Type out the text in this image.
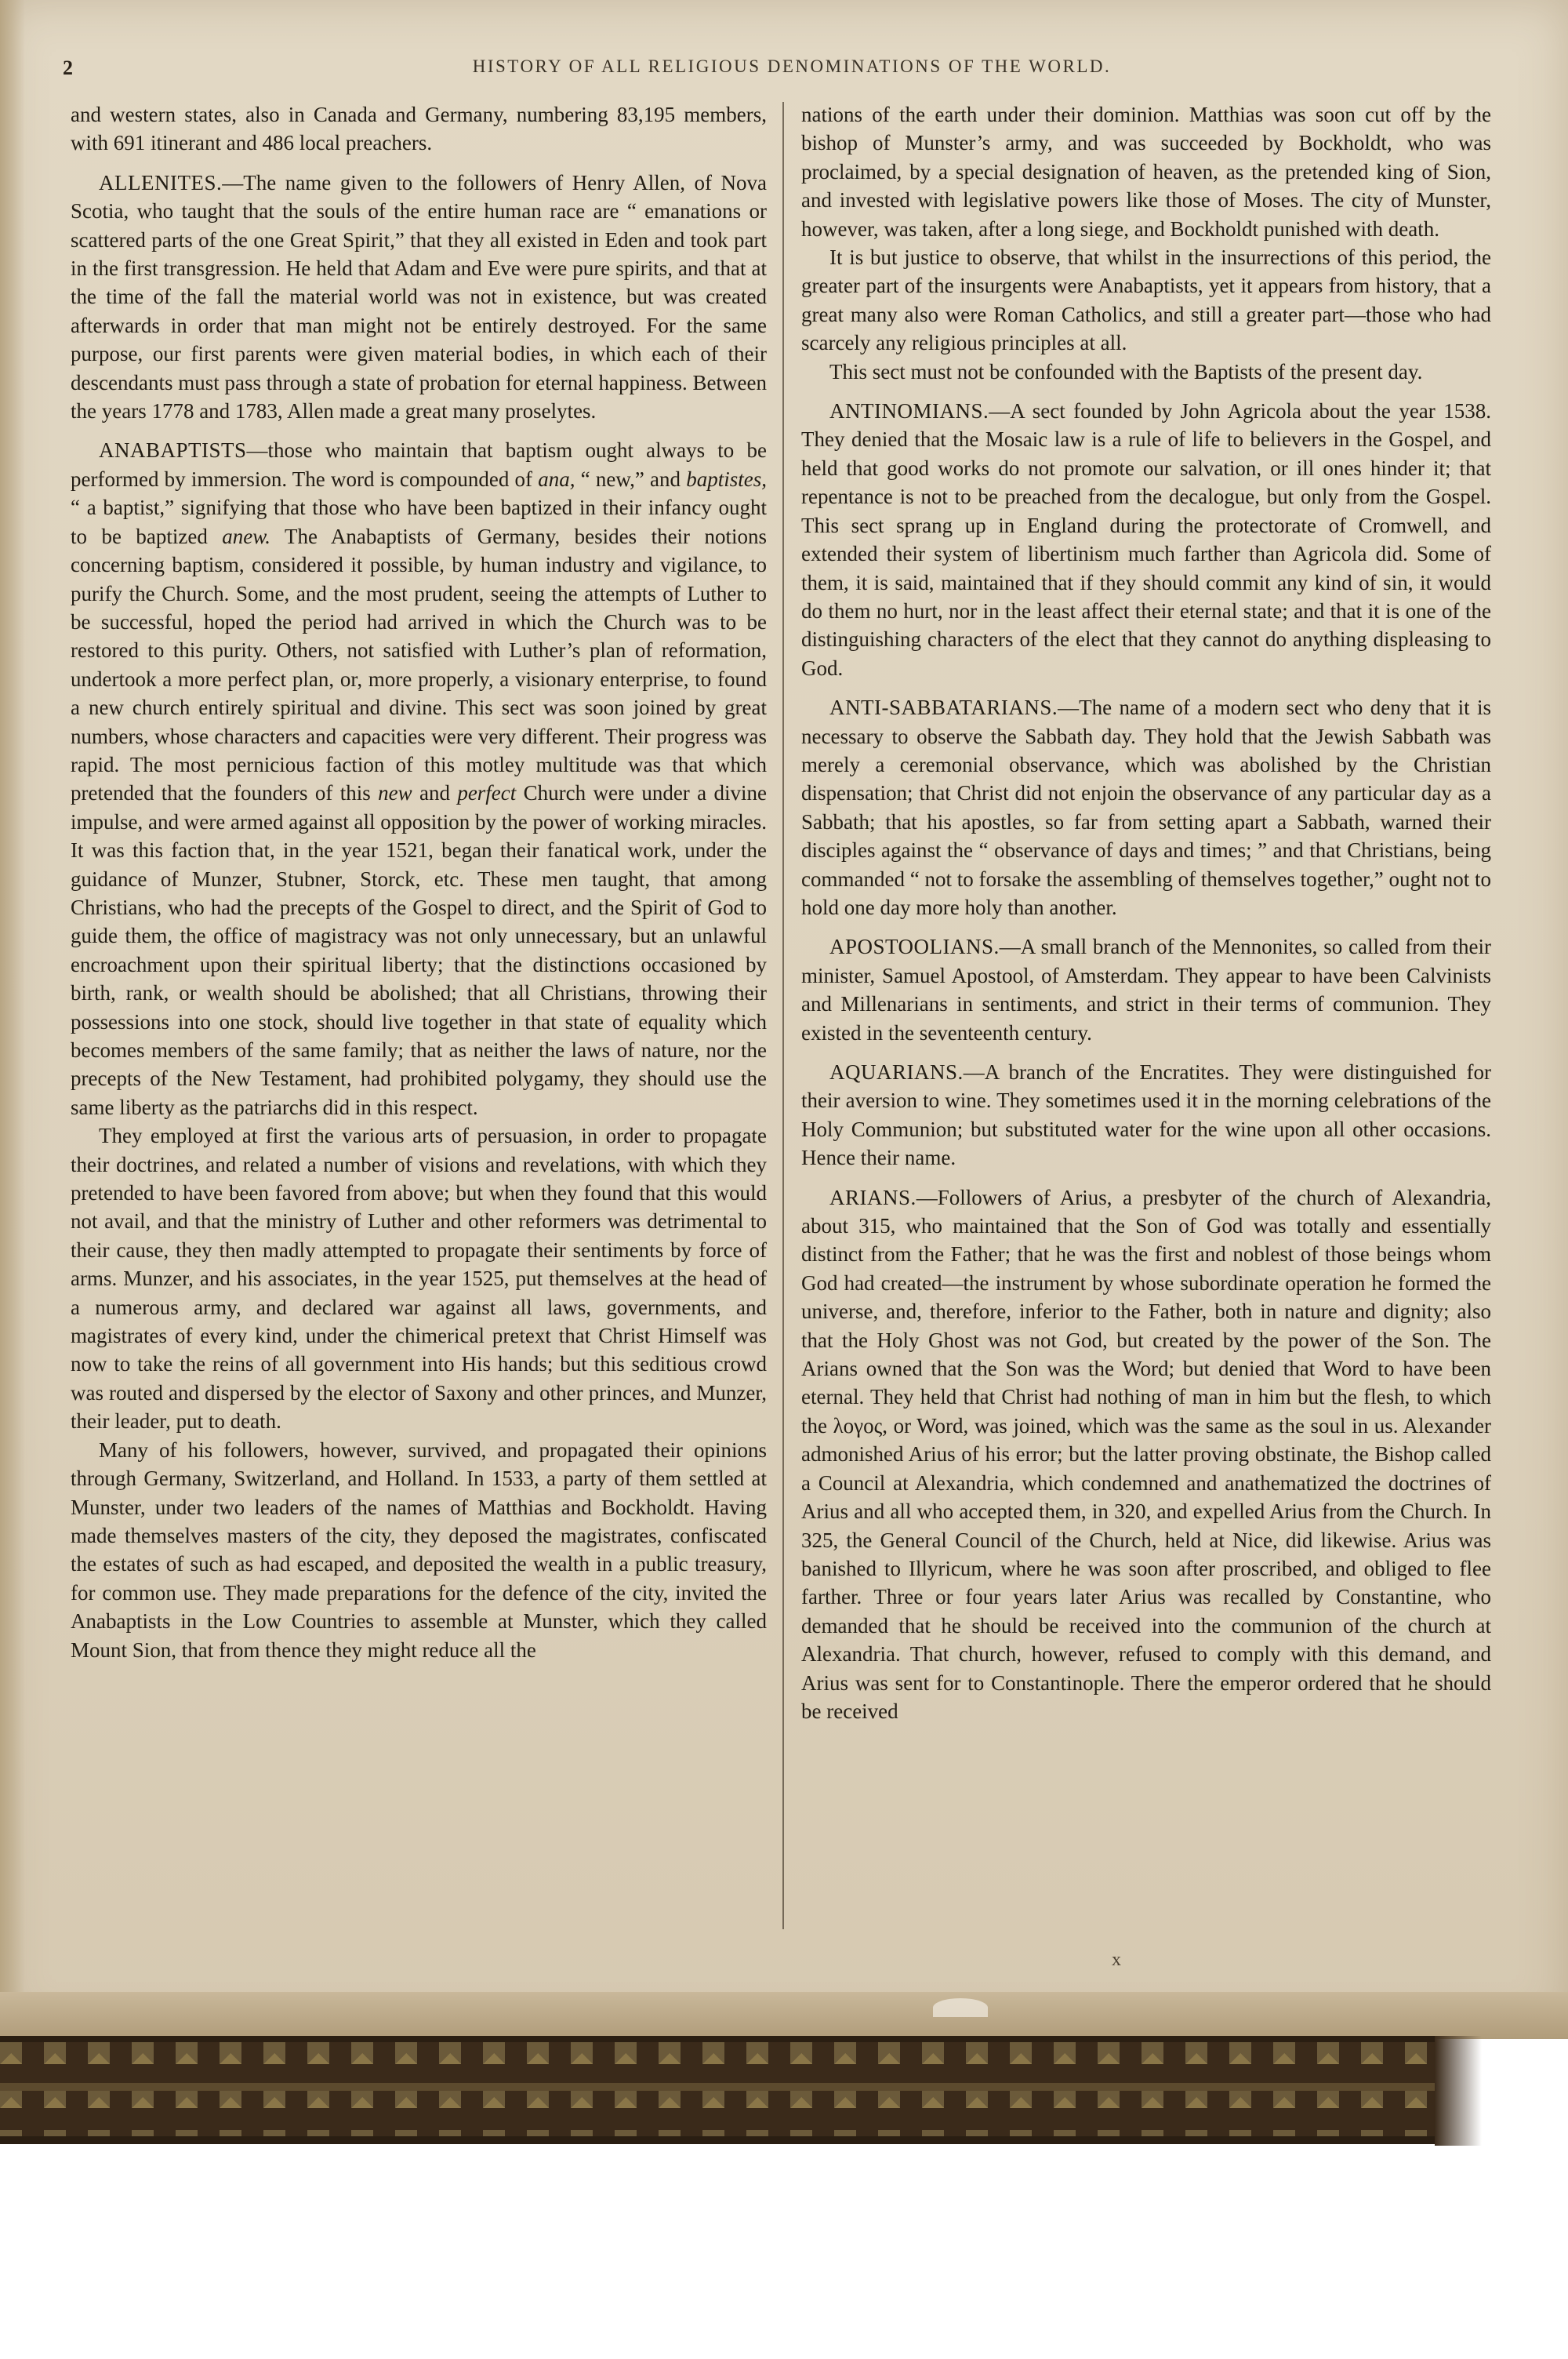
2	HISTORY OF ALL RELIGIOUS DENOMINATIONS OF THE WORLD.

and western states, also in Canada and Germany, numbering 83,195 members, with 691 itinerant and 486 local preachers.

ALLENITES.—The name given to the followers of Henry Allen, of Nova Scotia, who taught that the souls of the entire human race are “ emanations or scattered parts of the one Great Spirit,” that they all existed in Eden and took part in the first transgression. He held that Adam and Eve were pure spirits, and that at the time of the fall the material world was not in existence, but was created afterwards in order that man might not be entirely destroyed. For the same purpose, our first parents were given material bodies, in which each of their descendants must pass through a state of probation for eternal happiness. Between the years 1778 and 1783, Allen made a great many proselytes.

ANABAPTISTS—those who maintain that baptism ought always to be performed by immersion. The word is compounded of ana, “ new,” and baptistes, “ a baptist,” signifying that those who have been baptized in their infancy ought to be baptized anew. The Anabaptists of Germany, besides their notions concerning baptism, considered it possible, by human industry and vigilance, to purify the Church. Some, and the most prudent, seeing the attempts of Luther to be successful, hoped the period had arrived in which the Church was to be restored to this purity. Others, not satisfied with Luther’s plan of reformation, undertook a more perfect plan, or, more properly, a visionary enterprise, to found a new church entirely spiritual and divine. This sect was soon joined by great numbers, whose characters and capacities were very different. Their progress was rapid. The most pernicious faction of this motley multitude was that which pretended that the founders of this new and perfect Church were under a divine impulse, and were armed against all opposition by the power of working miracles. It was this faction that, in the year 1521, began their fanatical work, under the guidance of Munzer, Stubner, Storck, etc. These men taught, that among Christians, who had the precepts of the Gospel to direct, and the Spirit of God to guide them, the office of magistracy was not only unnecessary, but an unlawful encroachment upon their spiritual liberty; that the distinctions occasioned by birth, rank, or wealth should be abolished; that all Christians, throwing their possessions into one stock, should live together in that state of equality which becomes members of the same family; that as neither the laws of nature, nor the precepts of the New Testament, had prohibited polygamy, they should use the same liberty as the patriarchs did in this respect.

They employed at first the various arts of persuasion, in order to propagate their doctrines, and related a number of visions and revelations, with which they pretended to have been favored from above; but when they found that this would not avail, and that the ministry of Luther and other reformers was detrimental to their cause, they then madly attempted to propagate their sentiments by force of arms. Munzer, and his associates, in the year 1525, put themselves at the head of a numerous army, and declared war against all laws, governments, and magistrates of every kind, under the chimerical pretext that Christ Himself was now to take the reins of all government into His hands; but this seditious crowd was routed and dispersed by the elector of Saxony and other princes, and Munzer, their leader, put to death.

Many of his followers, however, survived, and propagated their opinions through Germany, Switzerland, and Holland. In 1533, a party of them settled at Munster, under two leaders of the names of Matthias and Bockholdt. Having made themselves masters of the city, they deposed the magistrates, confiscated the estates of such as had escaped, and deposited the wealth in a public treasury, for common use. They made preparations for the defence of the city, invited the Anabaptists in the Low Countries to assemble at Munster, which they called Mount Sion, that from thence they might reduce all the

nations of the earth under their dominion. Matthias was soon cut off by the bishop of Munster’s army, and was succeeded by Bockholdt, who was proclaimed, by a special designation of heaven, as the pretended king of Sion, and invested with legislative powers like those of Moses. The city of Munster, however, was taken, after a long siege, and Bockholdt punished with death.

It is but justice to observe, that whilst in the insurrections of this period, the greater part of the insurgents were Anabaptists, yet it appears from history, that a great many also were Roman Catholics, and still a greater part—those who had scarcely any religious principles at all.

This sect must not be confounded with the Baptists of the present day.

ANTINOMIANS.—A sect founded by John Agricola about the year 1538. They denied that the Mosaic law is a rule of life to believers in the Gospel, and held that good works do not promote our salvation, or ill ones hinder it; that repentance is not to be preached from the decalogue, but only from the Gospel. This sect sprang up in England during the protectorate of Cromwell, and extended their system of libertinism much farther than Agricola did. Some of them, it is said, maintained that if they should commit any kind of sin, it would do them no hurt, nor in the least affect their eternal state; and that it is one of the distinguishing characters of the elect that they cannot do anything displeasing to God.

ANTI-SABBATARIANS.—The name of a modern sect who deny that it is necessary to observe the Sabbath day. They hold that the Jewish Sabbath was merely a ceremonial observance, which was abolished by the Christian dispensation; that Christ did not enjoin the observance of any particular day as a Sabbath; that his apostles, so far from setting apart a Sabbath, warned their disciples against the “ observance of days and times; ” and that Christians, being commanded “ not to forsake the assembling of themselves together,” ought not to hold one day more holy than another.

APOSTOOLIANS.—A small branch of the Mennonites, so called from their minister, Samuel Apostool, of Amsterdam. They appear to have been Calvinists and Millenarians in sentiments, and strict in their terms of communion. They existed in the seventeenth century.

AQUARIANS.—A branch of the Encratites. They were distinguished for their aversion to wine. They sometimes used it in the morning celebrations of the Holy Communion; but substituted water for the wine upon all other occasions. Hence their name.

ARIANS.—Followers of Arius, a presbyter of the church of Alexandria, about 315, who maintained that the Son of God was totally and essentially distinct from the Father; that he was the first and noblest of those beings whom God had created—the instrument by whose subordinate operation he formed the universe, and, therefore, inferior to the Father, both in nature and dignity; also that the Holy Ghost was not God, but created by the power of the Son. The Arians owned that the Son was the Word; but denied that Word to have been eternal. They held that Christ had nothing of man in him but the flesh, to which the λογος, or Word, was joined, which was the same as the soul in us. Alexander admonished Arius of his error; but the latter proving obstinate, the Bishop called a Council at Alexandria, which condemned and anathematized the doctrines of Arius and all who accepted them, in 320, and expelled Arius from the Church. In 325, the General Council of the Church, held at Nice, did likewise. Arius was banished to Illyricum, where he was soon after proscribed, and obliged to flee farther. Three or four years later Arius was recalled by Constantine, who demanded that he should be received into the communion of the church at Alexandria. That church, however, refused to comply with this demand, and Arius was sent for to Constantinople. There the emperor ordered that he should be received

x
